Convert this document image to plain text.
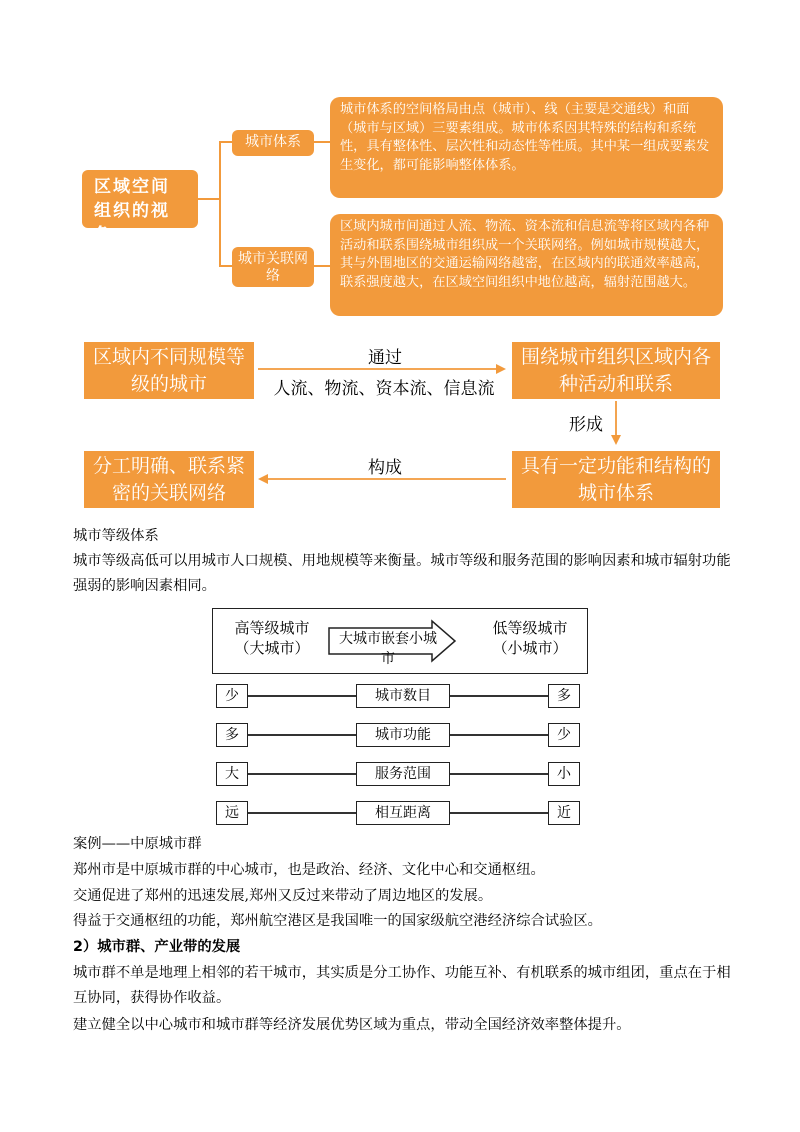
区域空间组织的视角
城市体系
城市关联网络
城市体系的空间格局由点（城市）、线（主要是交通线）和面（城市与区域）三要素组成。城市体系因其特殊的结构和系统性，具有整体性、层次性和动态性等性质。其中某一组成要素发生变化，都可能影响整体体系。
区域内城市间通过人流、物流、资本流和信息流等将区域内各种活动和联系围绕城市组织成一个关联网络。例如城市规模越大，其与外围地区的交通运输网络越密，在区域内的联通效率越高，联系强度越大，在区域空间组织中地位越高，辐射范围越大。
区域内不同规模等级的城市
围绕城市组织区域内各种活动和联系
具有一定功能和结构的城市体系
分工明确、联系紧密的关联网络
通过
人流、物流、资本流、信息流
形成
构成
城市等级体系
城市等级高低可以用城市人口规模、用地规模等来衡量。城市等级和服务范围的影响因素和城市辐射功能强弱的影响因素相同。
高等级城市
（大城市）	大城市嵌套小城市
低等级城市
（小城市）
少	城市数目	多
多	城市功能	少
大	服务范围	小
远	相互距离	近
案例——中原城市群
郑州市是中原城市群的中心城市，也是政治、经济、文化中心和交通枢纽。
交通促进了郑州的迅速发展,郑州又反过来带动了周边地区的发展。
得益于交通枢纽的功能，郑州航空港区是我国唯一的国家级航空港经济综合试验区。
2）城市群、产业带的发展
城市群不单是地理上相邻的若干城市，其实质是分工协作、功能互补、有机联系的城市组团，重点在于相互协同，获得协作收益。
建立健全以中心城市和城市群等经济发展优势区域为重点，带动全国经济效率整体提升。
